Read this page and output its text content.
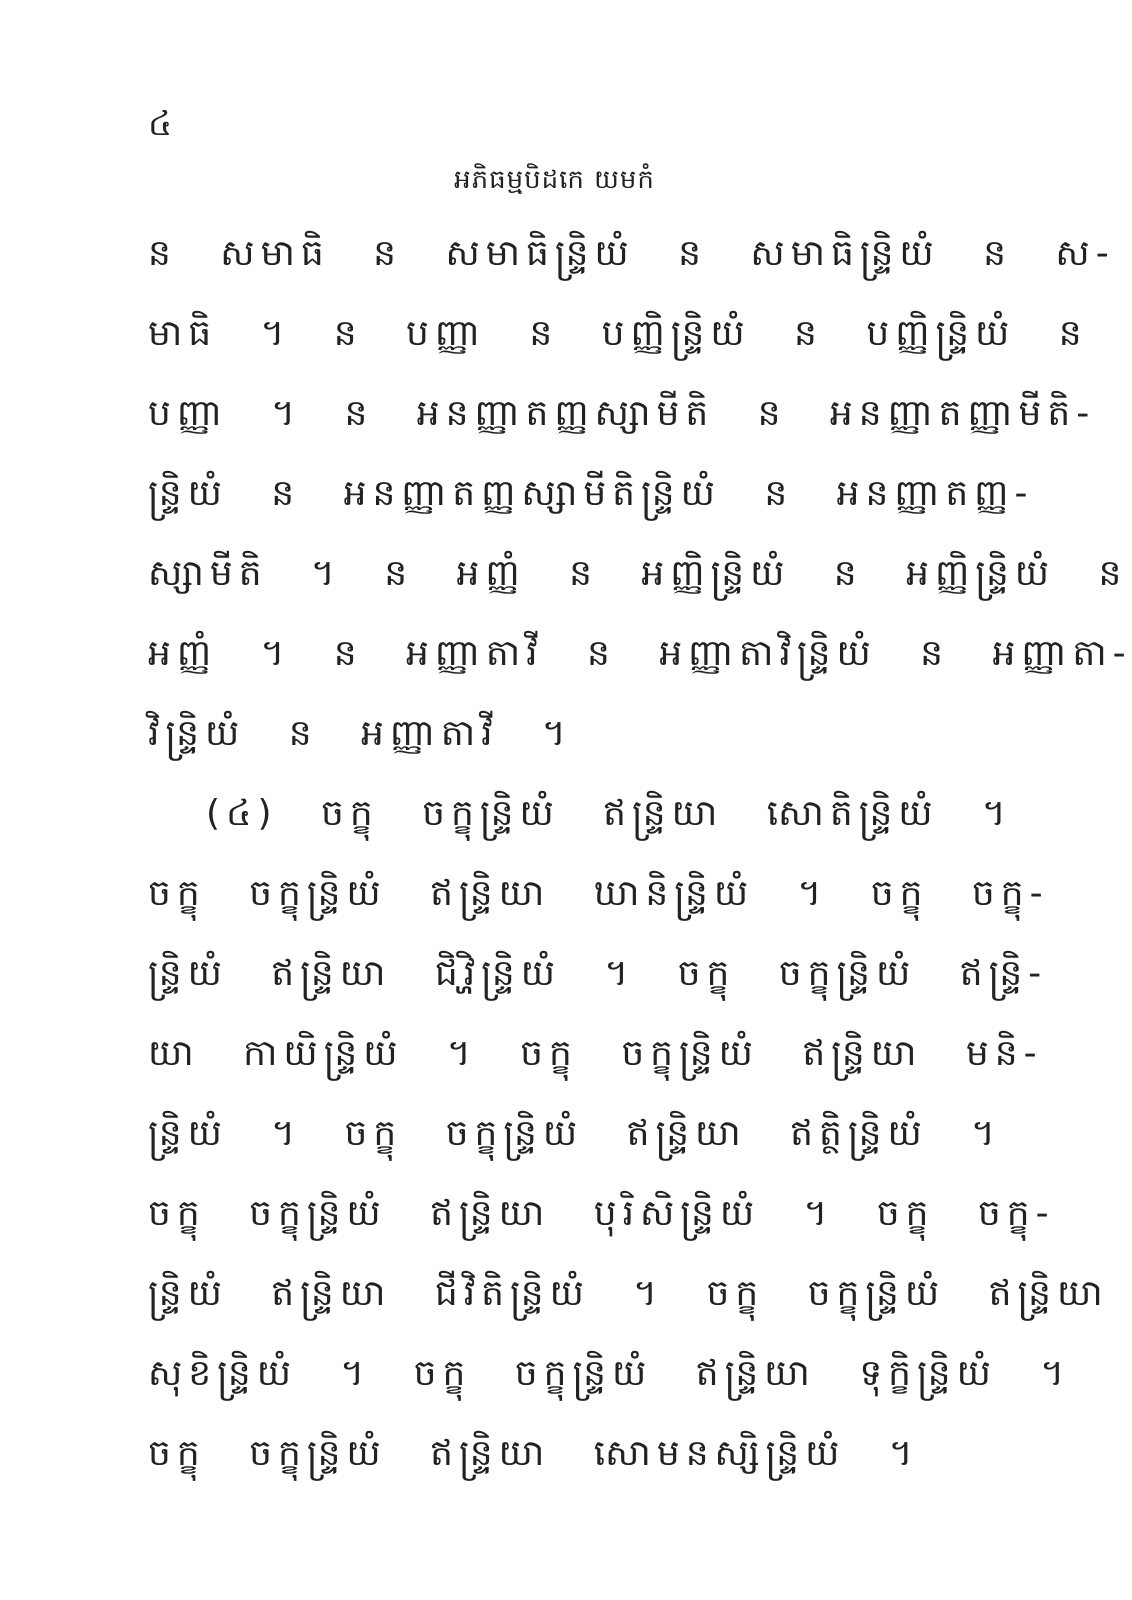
៤
អភិធម្មបិដកេ យមកំ
ន សមាធិ ន សមាធិន្ទ្រិយំ ន សមាធិន្ទ្រិយំ ន ស-
មាធិ ។ ន បញ្ញា ន បញ្ញិន្ទ្រិយំ ន បញ្ញិន្ទ្រិយំ ន
បញ្ញា ។ ន អនញ្ញាតញ្ញស្សាមីតិ ន អនញ្ញាតញ្ញាមីតិ-
ន្ទ្រិយំ ន អនញ្ញាតញ្ញស្សាមីតិន្ទ្រិយំ ន អនញ្ញាតញ្ញ-
ស្សាមីតិ ។ ន អញ្ញំ ន អញ្ញិន្ទ្រិយំ ន អញ្ញិន្ទ្រិយំ ន
អញ្ញំ ។ ន អញ្ញាតាវី ន អញ្ញាតាវិន្ទ្រិយំ ន អញ្ញាតា-
វិន្ទ្រិយំ ន អញ្ញាតាវី ។
(៤) ចក្ខុ ចក្ខុន្ទ្រិយំ ឥន្ទ្រិយា សោតិន្ទ្រិយំ ។
ចក្ខុ ចក្ខុន្ទ្រិយំ ឥន្ទ្រិយា ឃានិន្ទ្រិយំ ។ ចក្ខុ ចក្ខុ-
ន្ទ្រិយំ ឥន្ទ្រិយា ជិវ្ហិន្ទ្រិយំ ។ ចក្ខុ ចក្ខុន្ទ្រិយំ ឥន្ទ្រិ-
យា កាយិន្ទ្រិយំ ។ ចក្ខុ ចក្ខុន្ទ្រិយំ ឥន្ទ្រិយា មនិ-
ន្ទ្រិយំ ។ ចក្ខុ ចក្ខុន្ទ្រិយំ ឥន្ទ្រិយា ឥត្ថិន្ទ្រិយំ ។
ចក្ខុ ចក្ខុន្ទ្រិយំ ឥន្ទ្រិយា បុរិសិន្ទ្រិយំ ។ ចក្ខុ ចក្ខុ-
ន្ទ្រិយំ ឥន្ទ្រិយា ជីវិតិន្ទ្រិយំ ។ ចក្ខុ ចក្ខុន្ទ្រិយំ ឥន្ទ្រិយា
សុខិន្ទ្រិយំ ។ ចក្ខុ ចក្ខុន្ទ្រិយំ ឥន្ទ្រិយា ទុក្ខិន្ទ្រិយំ ។
ចក្ខុ ចក្ខុន្ទ្រិយំ ឥន្ទ្រិយា សោមនស្សិន្ទ្រិយំ ។
